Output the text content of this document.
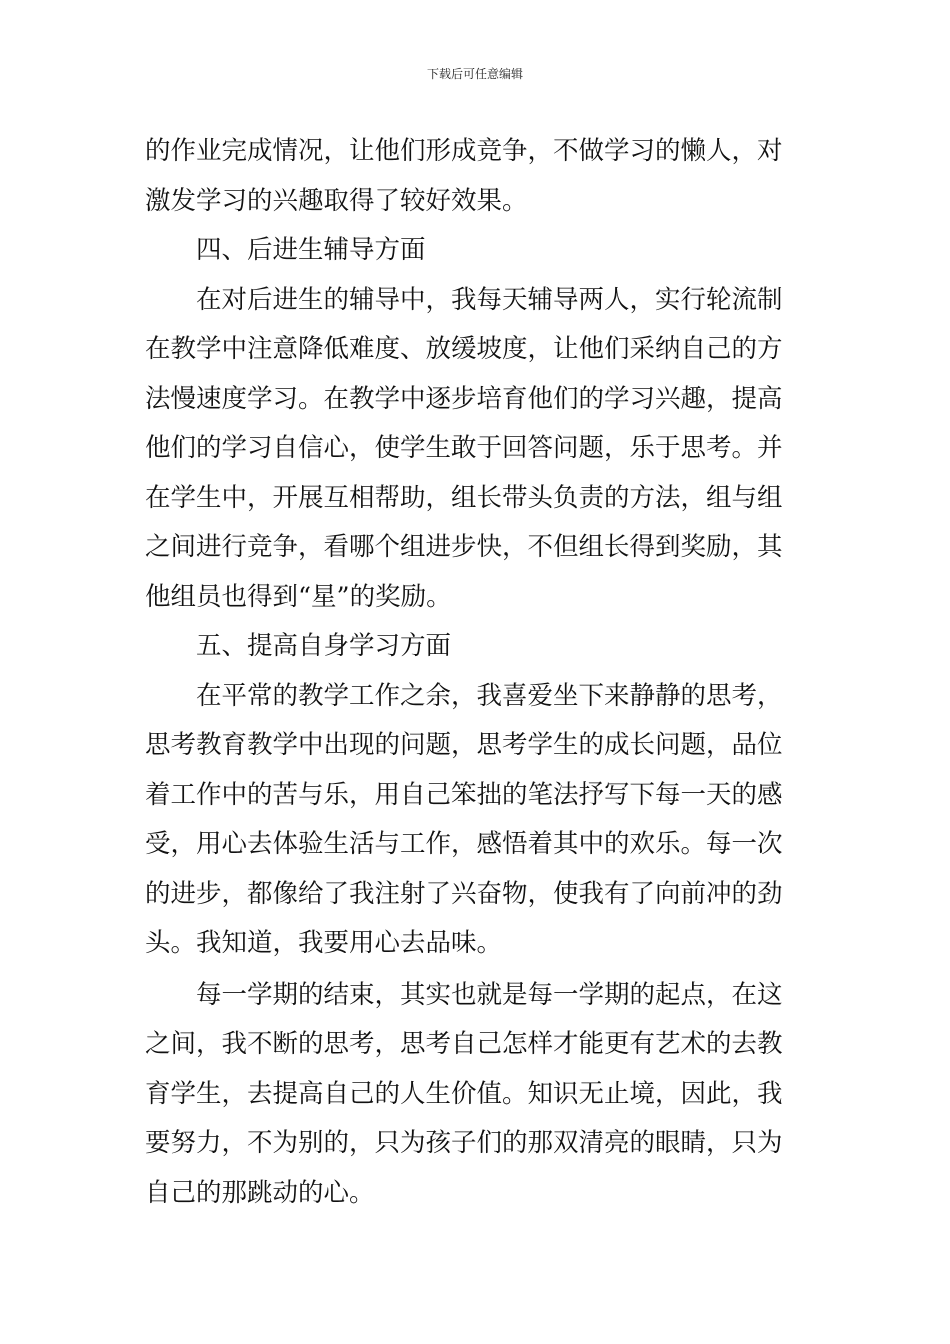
下载后可任意编辑
的作业完成情况，让他们形成竞争，不做学习的懒人，对
激发学习的兴趣取得了较好效果。
四、后进生辅导方面
在对后进生的辅导中，我每天辅导两人，实行轮流制
在教学中注意降低难度、放缓坡度，让他们采纳自己的方
法慢速度学习。在教学中逐步培育他们的学习兴趣，提高
他们的学习自信心，使学生敢于回答问题，乐于思考。并
在学生中，开展互相帮助，组长带头负责的方法，组与组
之间进行竞争，看哪个组进步快，不但组长得到奖励，其
他组员也得到“星”的奖励。
五、提高自身学习方面
在平常的教学工作之余，我喜爱坐下来静静的思考，
思考教育教学中出现的问题，思考学生的成长问题，品位
着工作中的苦与乐，用自己笨拙的笔法抒写下每一天的感
受，用心去体验生活与工作，感悟着其中的欢乐。每一次
的进步，都像给了我注射了兴奋物，使我有了向前冲的劲
头。我知道，我要用心去品味。
每一学期的结束，其实也就是每一学期的起点，在这
之间，我不断的思考，思考自己怎样才能更有艺术的去教
育学生，去提高自己的人生价值。知识无止境，因此，我
要努力，不为别的，只为孩子们的那双清亮的眼睛，只为
自己的那跳动的心。
